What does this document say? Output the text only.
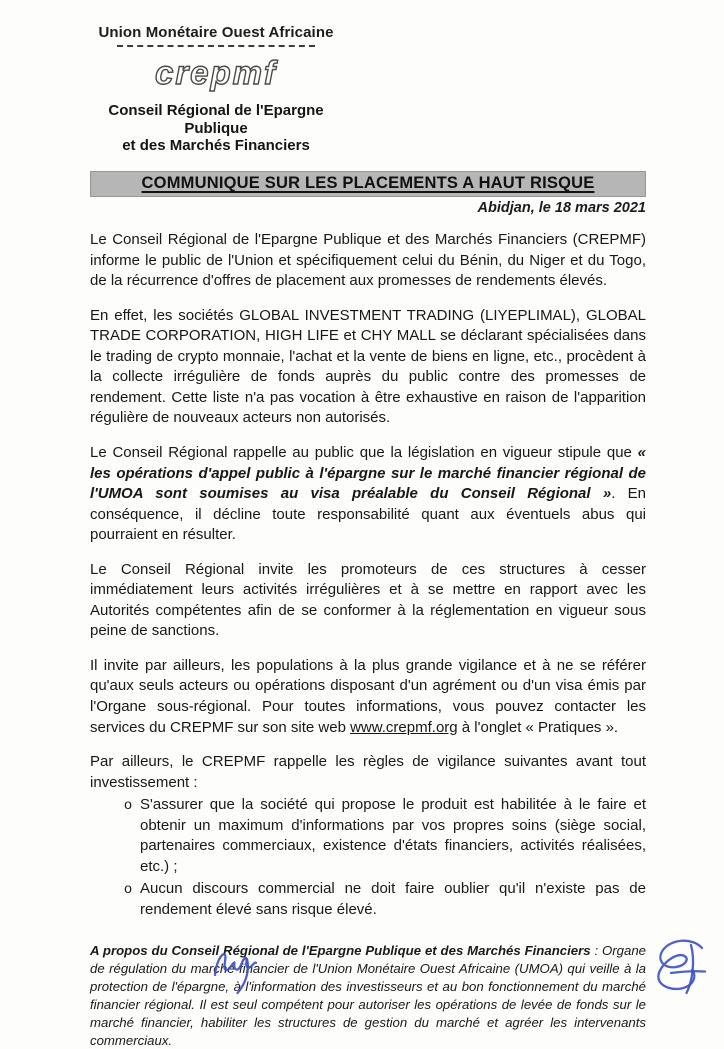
Union Monétaire Ouest Africaine
crepmf
Conseil Régional de l'Epargne Publique
et des Marchés Financiers
COMMUNIQUE SUR LES PLACEMENTS A HAUT RISQUE
Abidjan, le 18 mars 2021

Le Conseil Régional de l'Epargne Publique et des Marchés Financiers (CREPMF) informe le public de l'Union et spécifiquement celui du Bénin, du Niger et du Togo, de la récurrence d'offres de placement aux promesses de rendements élevés.

En effet, les sociétés GLOBAL INVESTMENT TRADING (LIYEPLIMAL), GLOBAL TRADE CORPORATION, HIGH LIFE et CHY MALL se déclarant spécialisées dans le trading de crypto monnaie, l'achat et la vente de biens en ligne, etc., procèdent à la collecte irrégulière de fonds auprès du public contre des promesses de rendement. Cette liste n'a pas vocation à être exhaustive en raison de l'apparition régulière de nouveaux acteurs non autorisés.

Le Conseil Régional rappelle au public que la législation en vigueur stipule que « les opérations d'appel public à l'épargne sur le marché financier régional de l'UMOA sont soumises au visa préalable du Conseil Régional ». En conséquence, il décline toute responsabilité quant aux éventuels abus qui pourraient en résulter.

Le Conseil Régional invite les promoteurs de ces structures à cesser immédiatement leurs activités irrégulières et à se mettre en rapport avec les Autorités compétentes afin de se conformer à la réglementation en vigueur sous peine de sanctions.

Il invite par ailleurs, les populations à la plus grande vigilance et à ne se référer qu'aux seuls acteurs ou opérations disposant d'un agrément ou d'un visa émis par l'Organe sous-régional. Pour toutes informations, vous pouvez contacter les services du CREPMF sur son site web www.crepmf.org à l'onglet « Pratiques ».

Par ailleurs, le CREPMF rappelle les règles de vigilance suivantes avant tout investissement :

o S'assurer que la société qui propose le produit est habilitée à le faire et obtenir un maximum d'informations par vos propres soins (siège social, partenaires commerciaux, existence d'états financiers, activités réalisées, etc.) ;
o Aucun discours commercial ne doit faire oublier qu'il n'existe pas de rendement élevé sans risque élevé.

A propos du Conseil Régional de l'Epargne Publique et des Marchés Financiers : Organe de régulation du marché financier de l'Union Monétaire Ouest Africaine (UMOA) qui veille à la protection de l'épargne, à l'information des investisseurs et au bon fonctionnement du marché financier régional. Il est seul compétent pour autoriser les opérations de levée de fonds sur le marché financier, habiliter les structures de gestion du marché et agréer les intervenants commerciaux.
